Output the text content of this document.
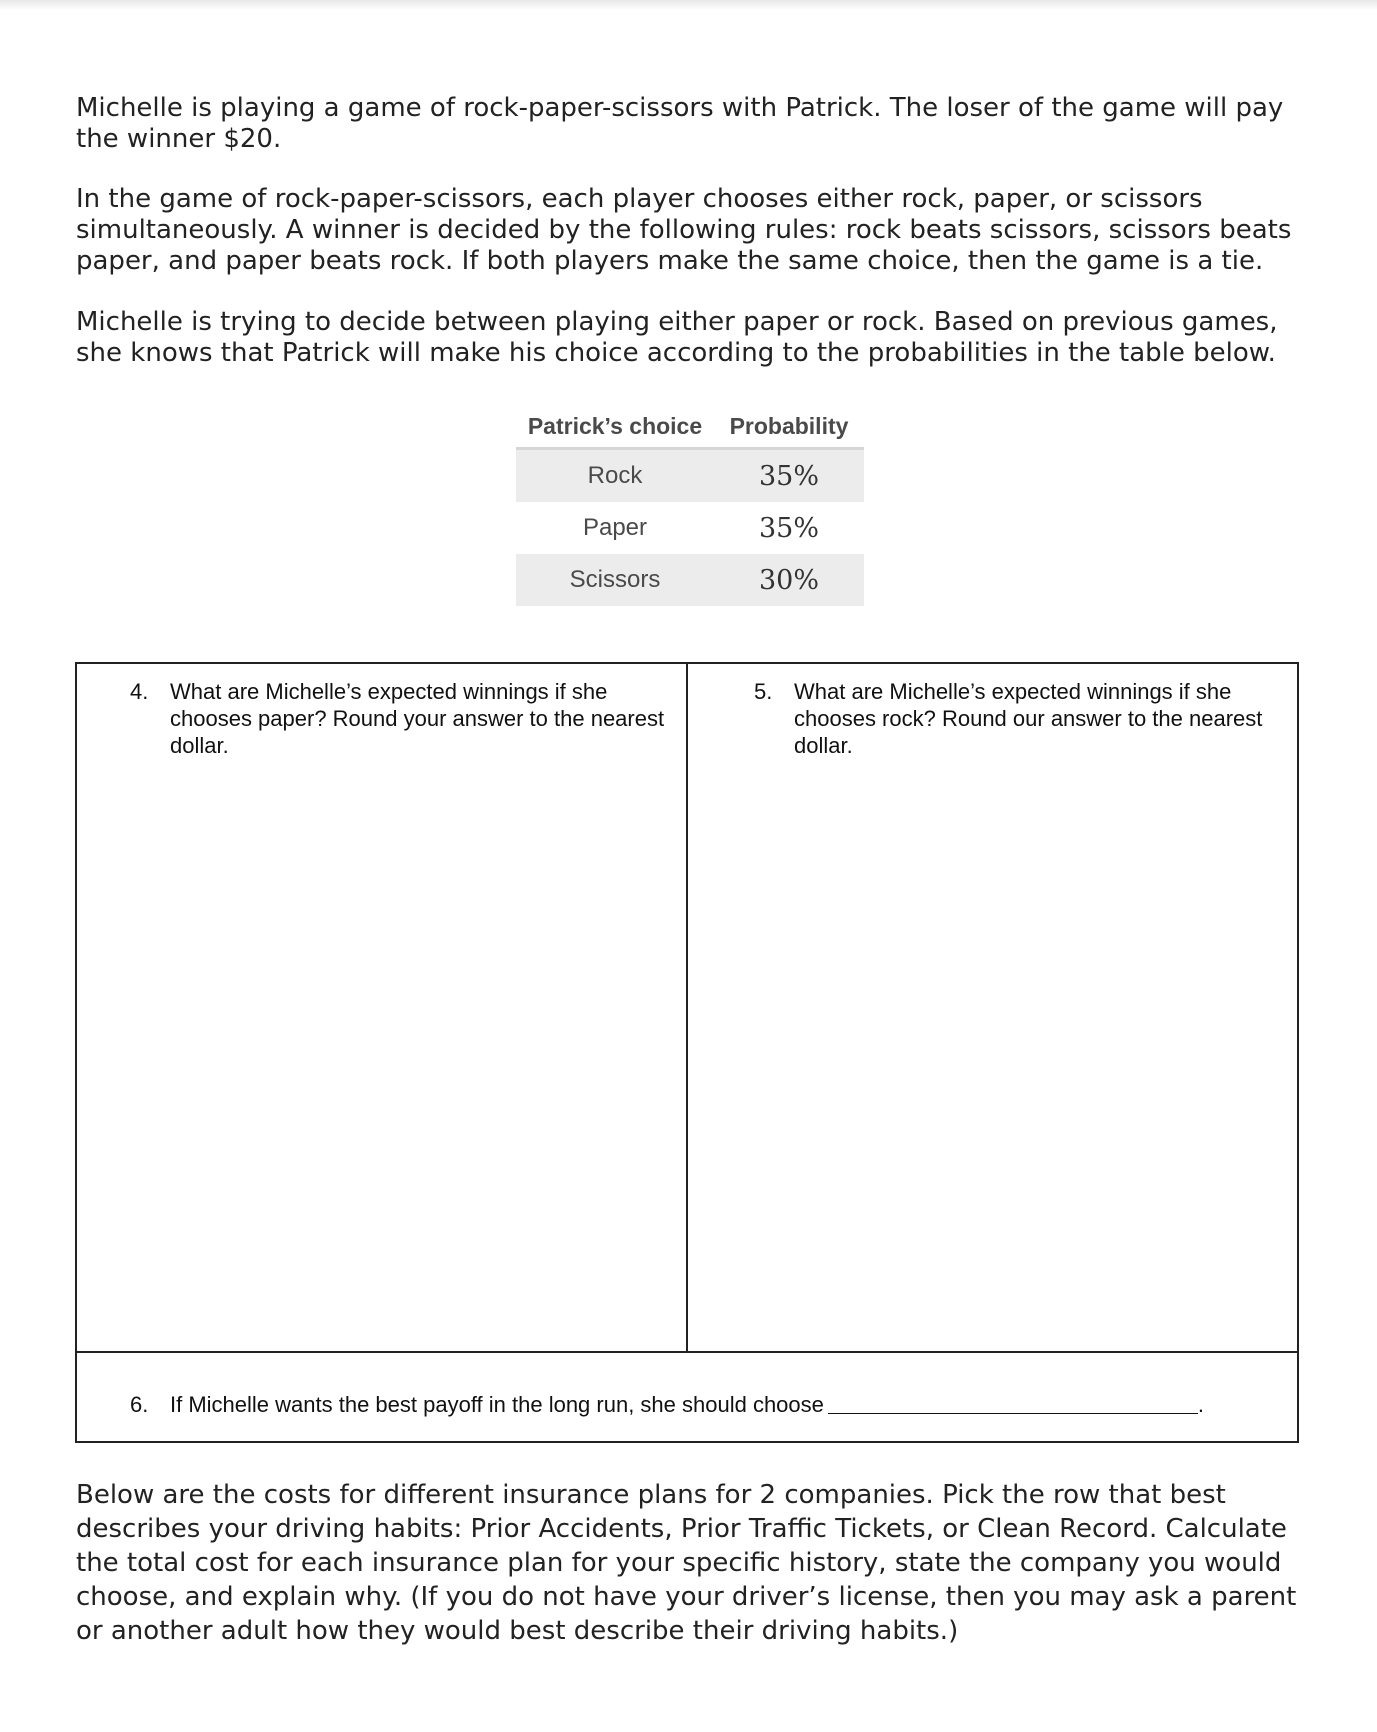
Michelle is playing a game of rock-paper-scissors with Patrick. The loser of the game will pay the winner $20.

In the game of rock-paper-scissors, each player chooses either rock, paper, or scissors simultaneously. A winner is decided by the following rules: rock beats scissors, scissors beats paper, and paper beats rock. If both players make the same choice, then the game is a tie.

Michelle is trying to decide between playing either paper or rock. Based on previous games, she knows that Patrick will make his choice according to the probabilities in the table below.

Patrick’s choice	Probability
Rock	35%
Paper	35%
Scissors	30%
4. What are Michelle’s expected winnings if she chooses paper? Round your answer to the nearest dollar.
5. What are Michelle’s expected winnings if she chooses rock? Round our answer to the nearest dollar.
6. If Michelle wants the best payoff in the long run, she should choose	.

Below are the costs for different insurance plans for 2 companies. Pick the row that best describes your driving habits: Prior Accidents, Prior Traffic Tickets, or Clean Record. Calculate the total cost for each insurance plan for your specific history, state the company you would choose, and explain why. (If you do not have your driver’s license, then you may ask a parent or another adult how they would best describe their driving habits.)
